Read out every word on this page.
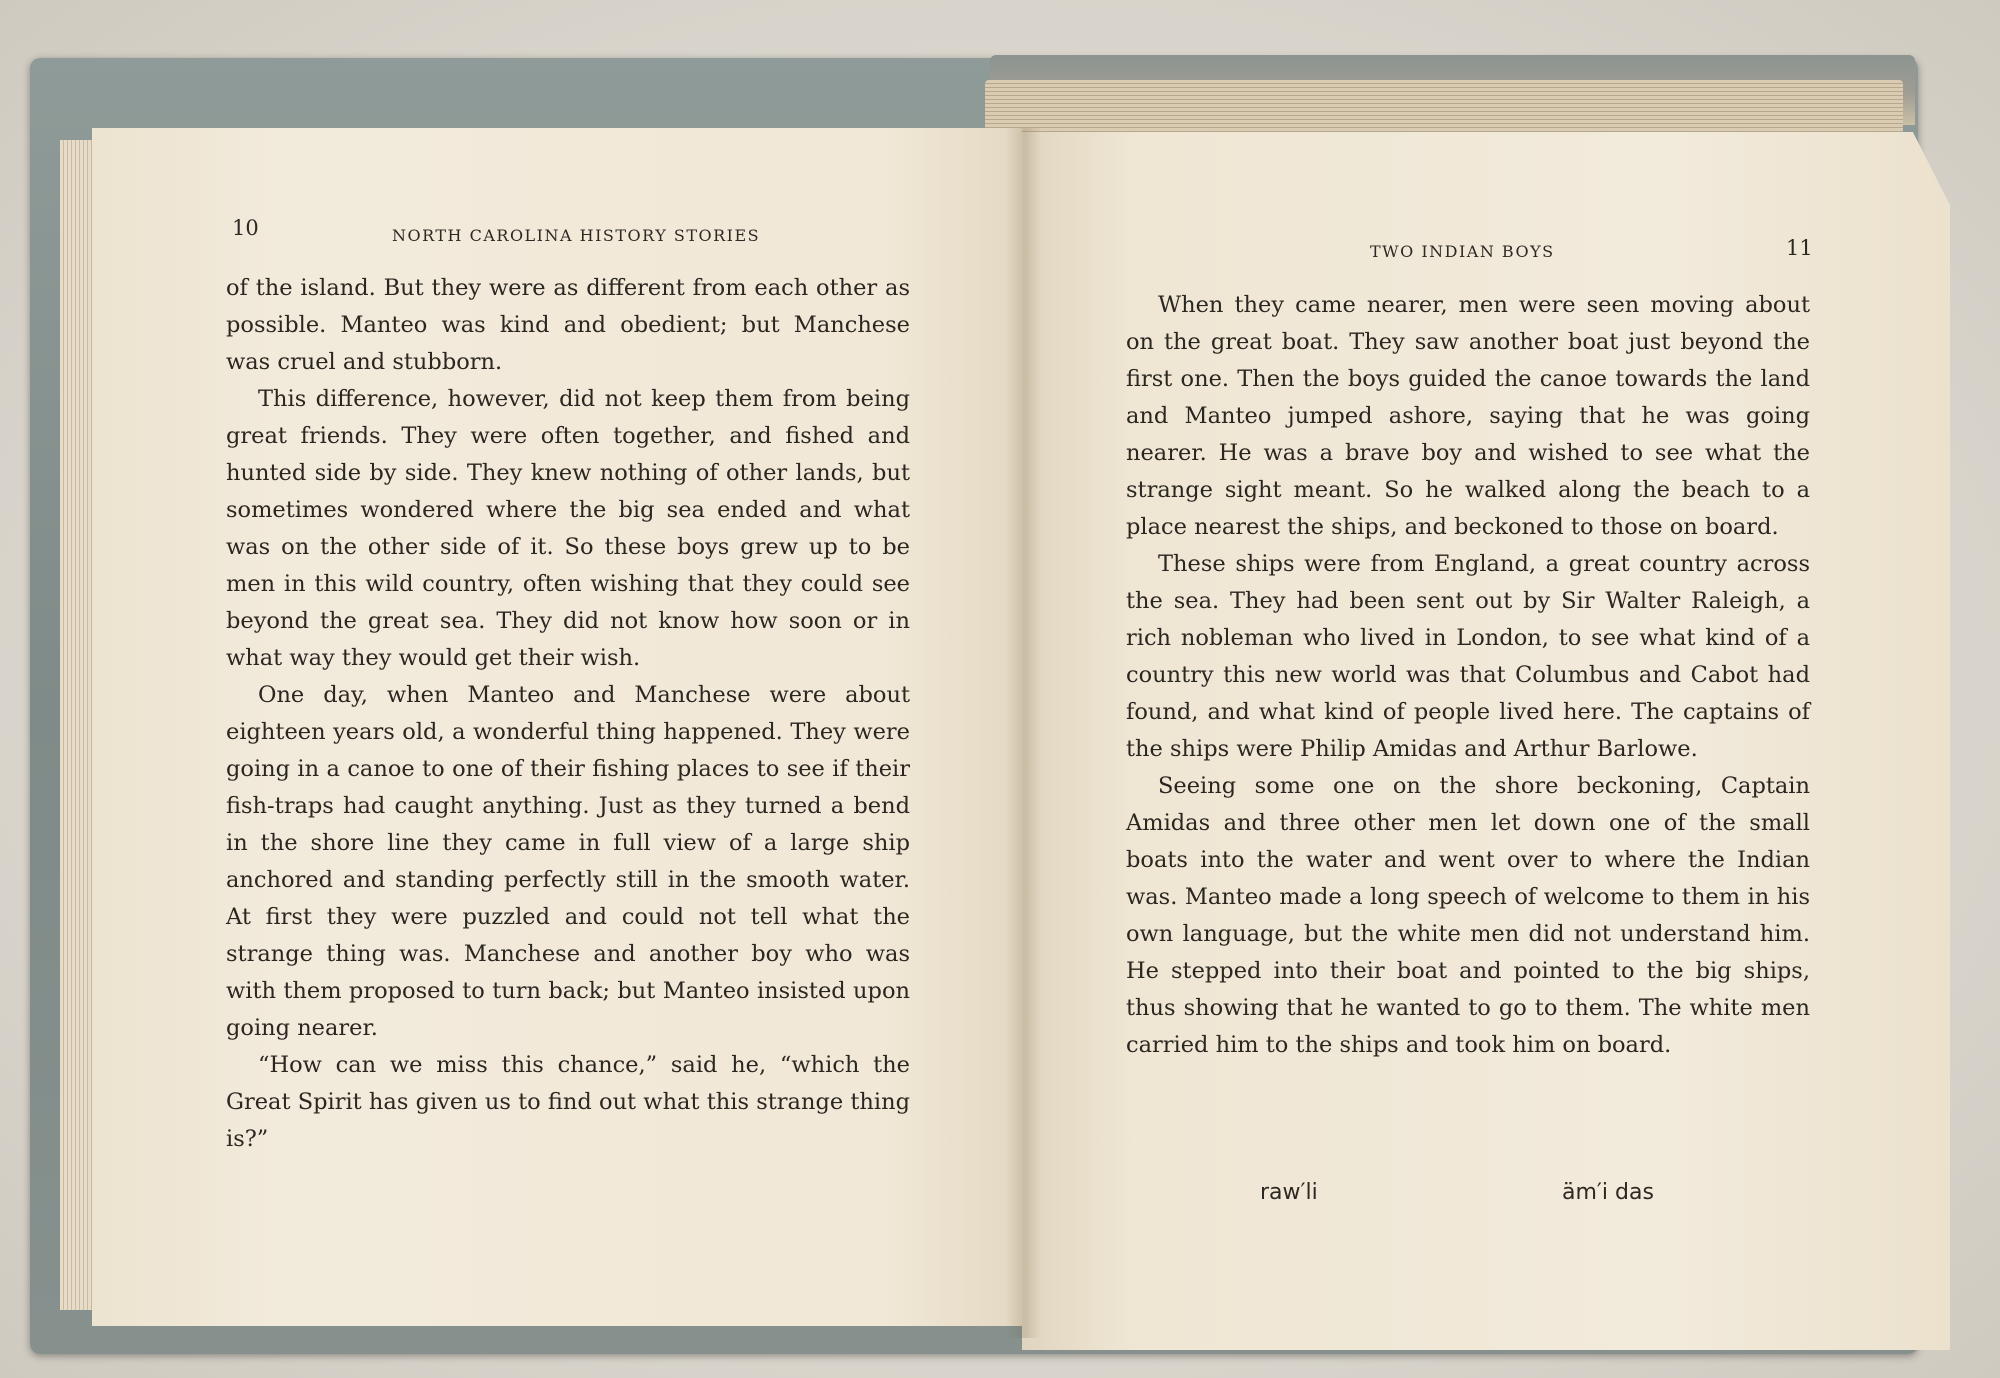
10	NORTH CAROLINA HISTORY STORIES

of the island. But they were as different from each other as possible. Manteo was kind and obedient; but Manchese was cruel and stubborn.

This difference, however, did not keep them from being great friends. They were often together, and fished and hunted side by side. They knew nothing of other lands, but sometimes wondered where the big sea ended and what was on the other side of it. So these boys grew up to be men in this wild country, often wishing that they could see beyond the great sea. They did not know how soon or in what way they would get their wish.

One day, when Manteo and Manchese were about eighteen years old, a wonderful thing happened. They were going in a canoe to one of their fishing places to see if their fish-traps had caught anything. Just as they turned a bend in the shore line they came in full view of a large ship anchored and standing perfectly still in the smooth water. At first they were puzzled and could not tell what the strange thing was. Manchese and another boy who was with them proposed to turn back; but Manteo insisted upon going nearer.

“How can we miss this chance,” said he, “which the Great Spirit has given us to find out what this strange thing is?”

TWO INDIAN BOYS	11

When they came nearer, men were seen moving about on the great boat. They saw another boat just beyond the first one. Then the boys guided the canoe towards the land and Manteo jumped ashore, saying that he was going nearer. He was a brave boy and wished to see what the strange sight meant. So he walked along the beach to a place nearest the ships, and beckoned to those on board.

These ships were from England, a great country across the sea. They had been sent out by Sir Walter Raleigh, a rich nobleman who lived in London, to see what kind of a country this new world was that Columbus and Cabot had found, and what kind of people lived here. The captains of the ships were Philip Amidas and Arthur Barlowe.

Seeing some one on the shore beckoning, Captain Amidas and three other men let down one of the small boats into the water and went over to where the Indian was. Manteo made a long speech of welcome to them in his own language, but the white men did not understand him. He stepped into their boat and pointed to the big ships, thus showing that he wanted to go to them. The white men carried him to the ships and took him on board.

raw′li	äm′i das
